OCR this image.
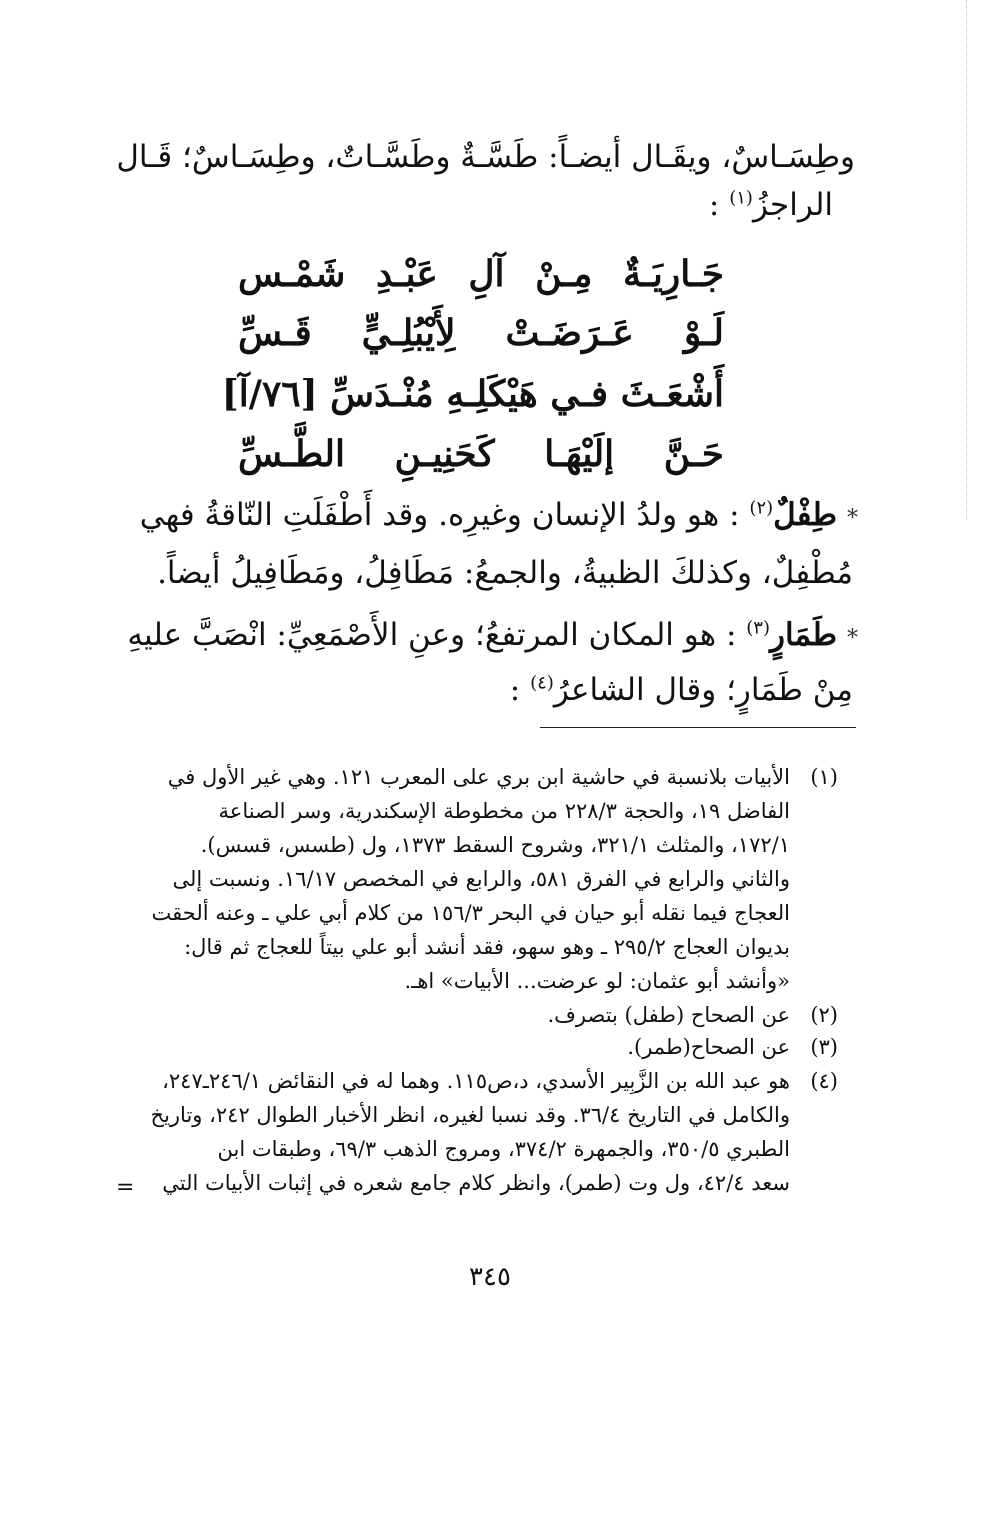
وطِسَـاسٌ، ويقَـال أيضـاً: طَسَّـةٌ وطَسَّـاتٌ، وطِسَـاسٌ؛ قَـال
الراجزُ$^{(١)}$ :
جَـارِيَـةٌ مِـنْ آلِ عَبْـدِ شَمْـس
لَـوْ عَـرَضَـتْ لِأَيْبُلِـيٍّ قَـسِّ
أَشْعَـثَ فـي هَيْكَلِـهِ مُنْـدَسِّ [٧٦/آ]
حَـنَّ إلَيْهَـا كَحَنِيـنِ الطَّـسِّ
*طِفْلٌ$^{(٢)}$ : هو ولدُ الإنسان وغيرِه. وقد أَطْفَلَتِ النّاقةُ فهي
مُطْفِلٌ، وكذلكَ الظبيةُ، والجمعُ: مَطَافِلُ، ومَطَافِيلُ أيضاً.
*طَمَارٍ$^{(٣)}$ : هو المكان المرتفعُ؛ وعنِ الأَصْمَعِيِّ: انْصَبَّ عليهِ
مِنْ طَمَارٍ؛ وقال الشاعرُ$^{(٤)}$ :
(١)
الأبيات بلانسبة في حاشية ابن بري على المعرب ١٢١. وهي غير الأول في
الفاضل ١٩، والحجة ٢٢٨/٣ من مخطوطة الإسكندرية، وسر الصناعة
١٧٢/١، والمثلث ٣٢١/١، وشروح السقط ١٣٧٣، ول (طسس، قسس).
والثاني والرابع في الفرق ٥٨١، والرابع في المخصص ١٦/١٧. ونسبت إلى
العجاج فيما نقله أبو حيان في البحر ١٥٦/٣ من كلام أبي علي ـ وعنه ألحقت
بديوان العجاج ٢٩٥/٢ ـ وهو سهو، فقد أنشد أبو علي بيتاً للعجاج ثم قال:
«وأنشد أبو عثمان: لو عرضت... الأبيات» اهـ.
(٢)
عن الصحاح (طفل) بتصرف.
(٣)
عن الصحاح(طمر).
(٤)
هو عبد الله بن الزَّبِير الأسدي، د،ص١١٥. وهما له في النقائض ٢٤٦/١ـ٢٤٧،
والكامل في التاريخ ٣٦/٤. وقد نسبا لغيره، انظر الأخبار الطوال ٢٤٢، وتاريخ
الطبري ٣٥٠/٥، والجمهرة ٣٧٤/٢، ومروج الذهب ٦٩/٣، وطبقات ابن
سعد ٤٢/٤، ول وت (طمر)، وانظر كلام جامع شعره في إثبات الأبيات التي
=
٣٤٥
